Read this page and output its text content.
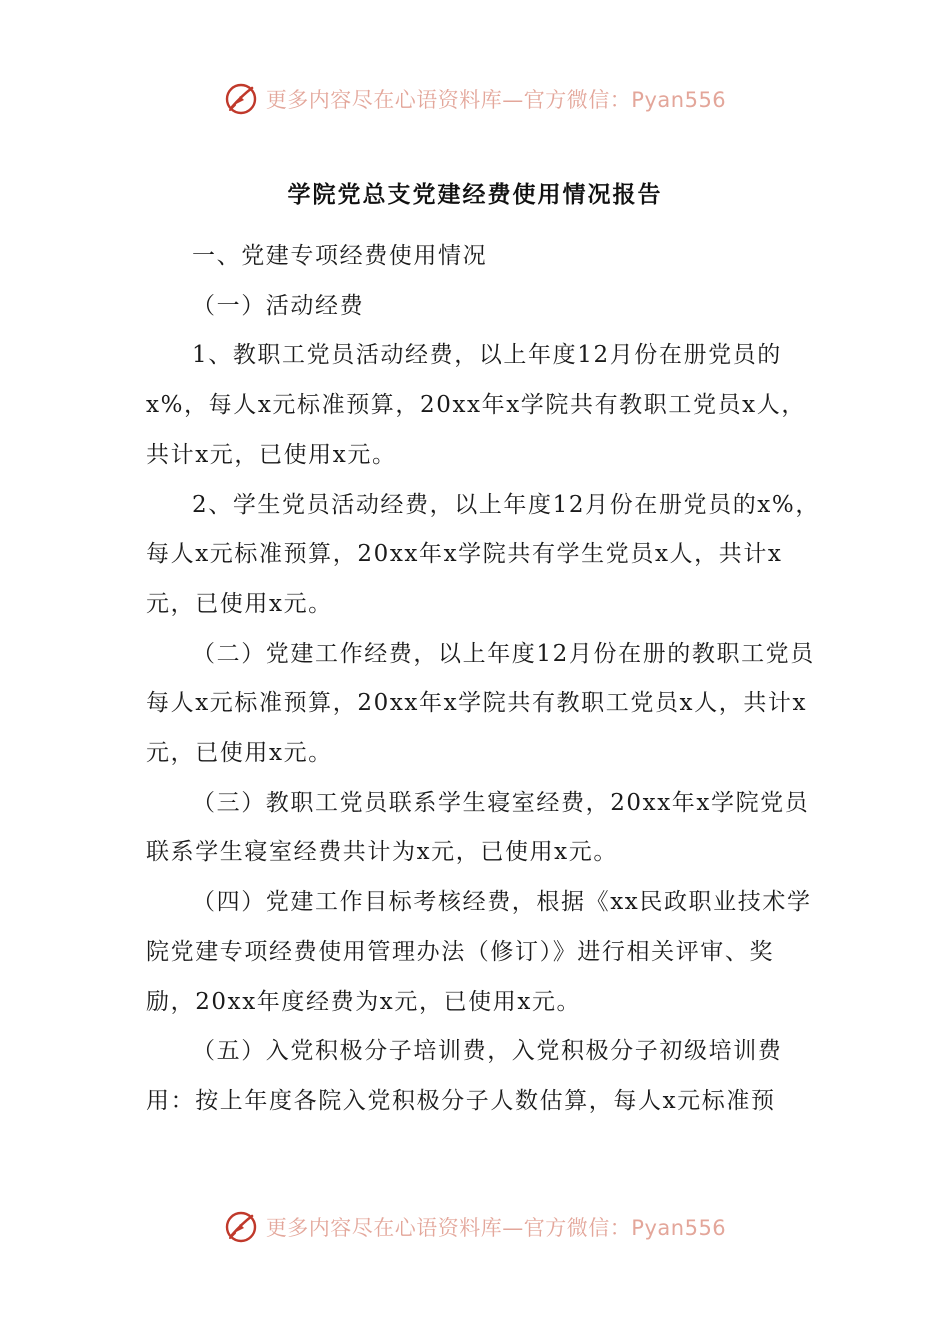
更多内容尽在心语资料库—官方微信：Pyan556
学院党总支党建经费使用情况报告

一、党建专项经费使用情况

（一）活动经费

1、教职工党员活动经费，以上年度12月份在册党员的x%，每人x元标准预算，20xx年x学院共有教职工党员x人，共计x元，已使用x元。

2、学生党员活动经费，以上年度12月份在册党员的x%，每人x元标准预算，20xx年x学院共有学生党员x人，共计x元，已使用x元。

（二）党建工作经费，以上年度12月份在册的教职工党员每人x元标准预算，20xx年x学院共有教职工党员x人，共计x元，已使用x元。

（三）教职工党员联系学生寝室经费，20xx年x学院党员联系学生寝室经费共计为x元，已使用x元。

（四）党建工作目标考核经费，根据《xx民政职业技术学院党建专项经费使用管理办法（修订）》进行相关评审、奖励，20xx年度经费为x元，已使用x元。

（五）入党积极分子培训费，入党积极分子初级培训费用：按上年度各院入党积极分子人数估算，每人x元标准预

更多内容尽在心语资料库—官方微信：Pyan556
